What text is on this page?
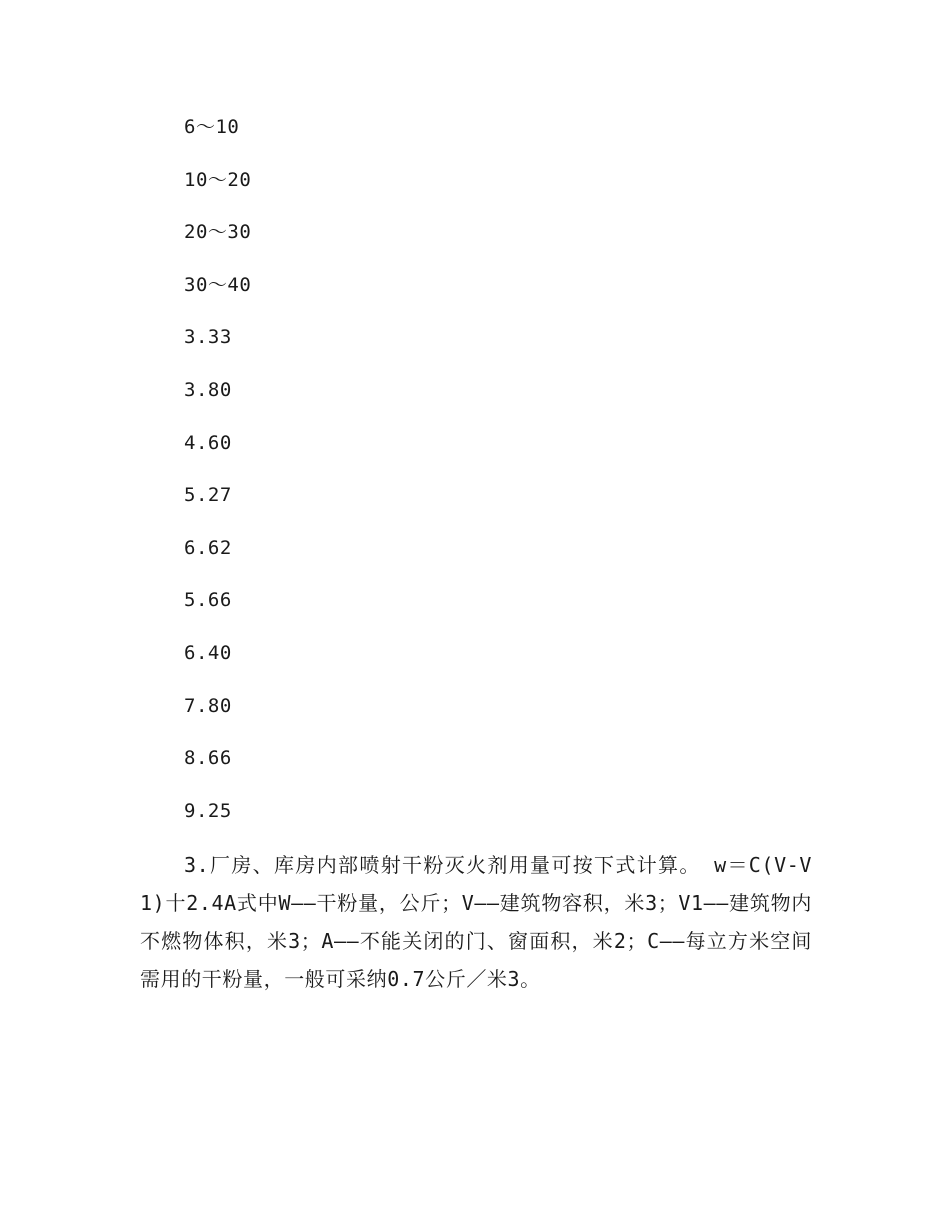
6～10
10～20
20～30
30～40
3.33
3.80
4.60
5.27
6.62
5.66
6.40
7.80
8.66
9.25

3.厂房、库房内部喷射干粉灭火剂用量可按下式计算。 w＝C(V-V1)十2.4A式中W——干粉量，公斤；V——建筑物容积，米3；V1——建筑物内不燃物体积，米3；A——不能关闭的门、窗面积，米2；C——每立方米空间需用的干粉量，一般可采纳0.7公斤／米3。
